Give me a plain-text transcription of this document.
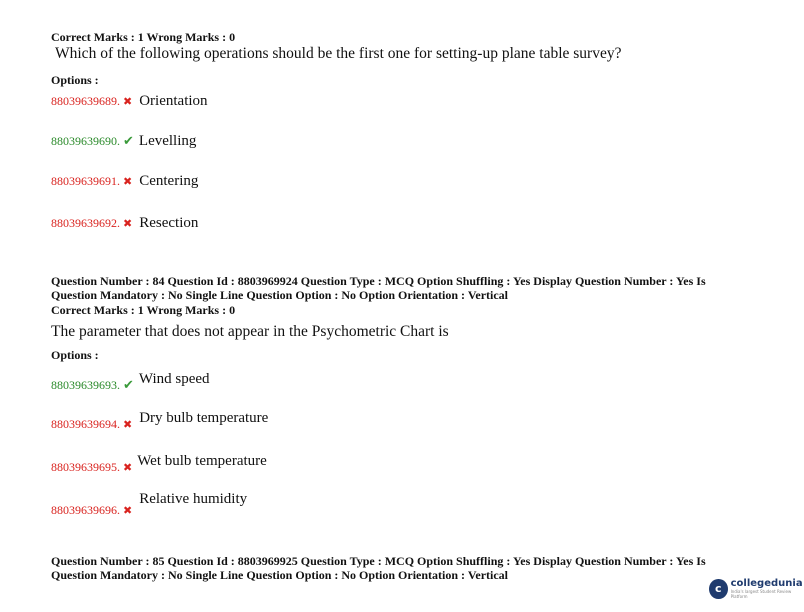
Correct Marks : 1 Wrong Marks : 0
Which of the following operations should be the first one for setting-up plane table survey?
Options :
88039639689. ✖ Orientation
88039639690. ✔ Levelling
88039639691. ✖ Centering
88039639692. ✖ Resection
Question Number : 84 Question Id : 8803969924 Question Type : MCQ Option Shuffling : Yes Display Question Number : Yes Is
Question Mandatory : No Single Line Question Option : No Option Orientation : Vertical
Correct Marks : 1 Wrong Marks : 0
The parameter that does not appear in the Psychometric Chart is
Options :
$_{88039639693.}$ $_✔$ Wind speed
$_{88039639694.}$ $_✖$ Dry bulb temperature
$_{88039639695.}$ $_✖$ Wet bulb temperature
$_{88039639696.}$ $_✖$ Relative humidity
Question Number : 85 Question Id : 8803969925 Question Type : MCQ Option Shuffling : Yes Display Question Number : Yes Is
Question Mandatory : No Single Line Question Option : No Option Orientation : Vertical
c collegedunia
India's largest Student Review Platform
